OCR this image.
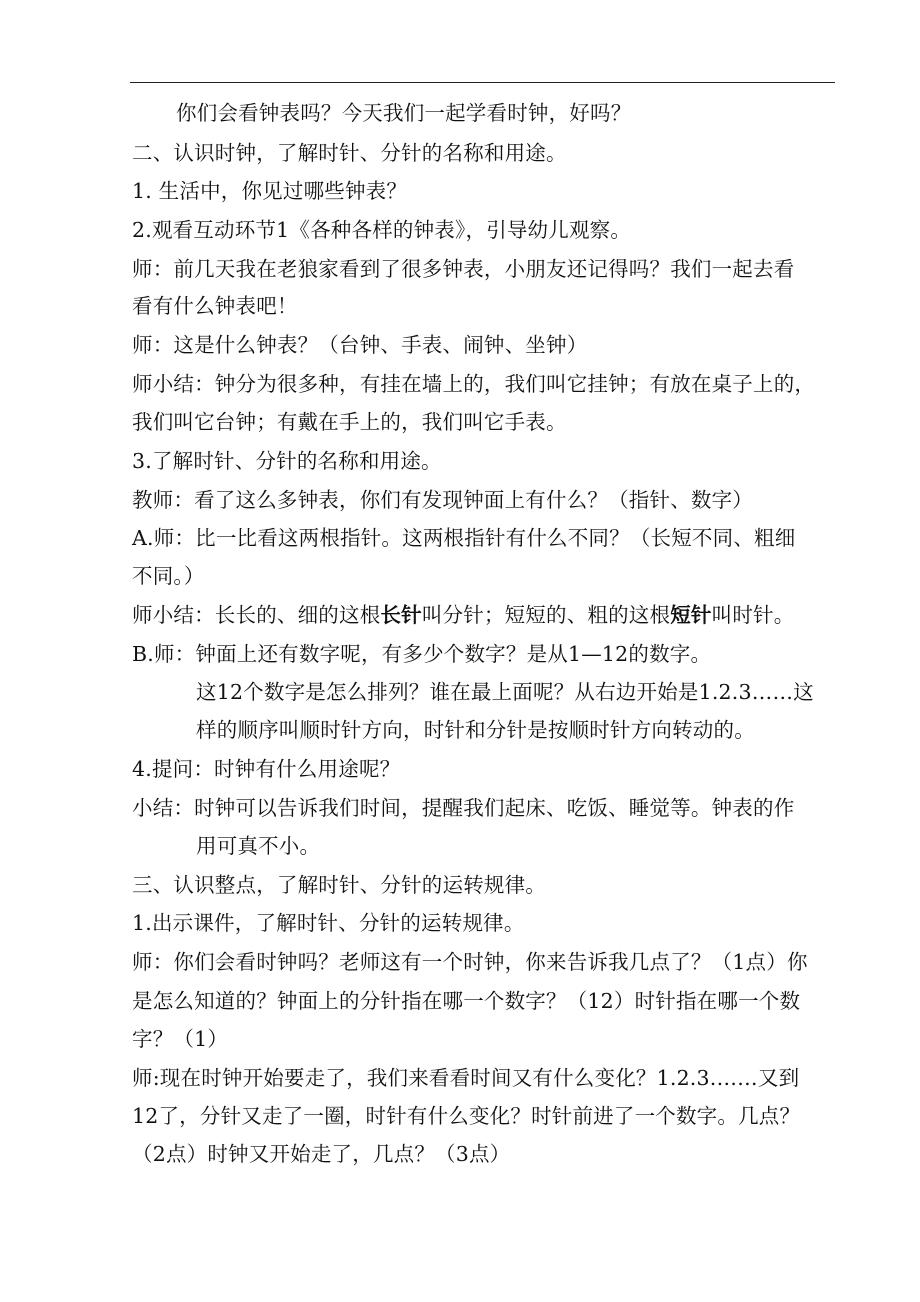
你们会看钟表吗？今天我们一起学看时钟，好吗？
二、认识时钟，了解时针、分针的名称和用途。
1. 生活中，你见过哪些钟表？
2.观看互动环节1《各种各样的钟表》，引导幼儿观察。
师：前几天我在老狼家看到了很多钟表，小朋友还记得吗？我们一起去看
看有什么钟表吧！
师：这是什么钟表？（台钟、手表、闹钟、坐钟）
师小结：钟分为很多种，有挂在墙上的，我们叫它挂钟；有放在桌子上的，
我们叫它台钟；有戴在手上的，我们叫它手表。
3.了解时针、分针的名称和用途。
教师：看了这么多钟表，你们有发现钟面上有什么？（指针、数字）
A.师：比一比看这两根指针。这两根指针有什么不同？（长短不同、粗细
不同。）
师小结：长长的、细的这根长针叫分针；短短的、粗的这根短针叫时针。
B.师：钟面上还有数字呢，有多少个数字？是从1—12的数字。
这12个数字是怎么排列？谁在最上面呢？从右边开始是1.2.3……这
样的顺序叫顺时针方向，时针和分针是按顺时针方向转动的。
4.提问：时钟有什么用途呢？
小结：时钟可以告诉我们时间，提醒我们起床、吃饭、睡觉等。钟表的作
用可真不小。
三、认识整点，了解时针、分针的运转规律。
1.出示课件，了解时针、分针的运转规律。
师：你们会看时钟吗？老师这有一个时钟，你来告诉我几点了？（1点）你
是怎么知道的？钟面上的分针指在哪一个数字？（12）时针指在哪一个数
字？（1）
师:现在时钟开始要走了，我们来看看时间又有什么变化？1.2.3.……又到
12了，分针又走了一圈，时针有什么变化？时针前进了一个数字。几点？
（2点）时钟又开始走了，几点？（3点）
